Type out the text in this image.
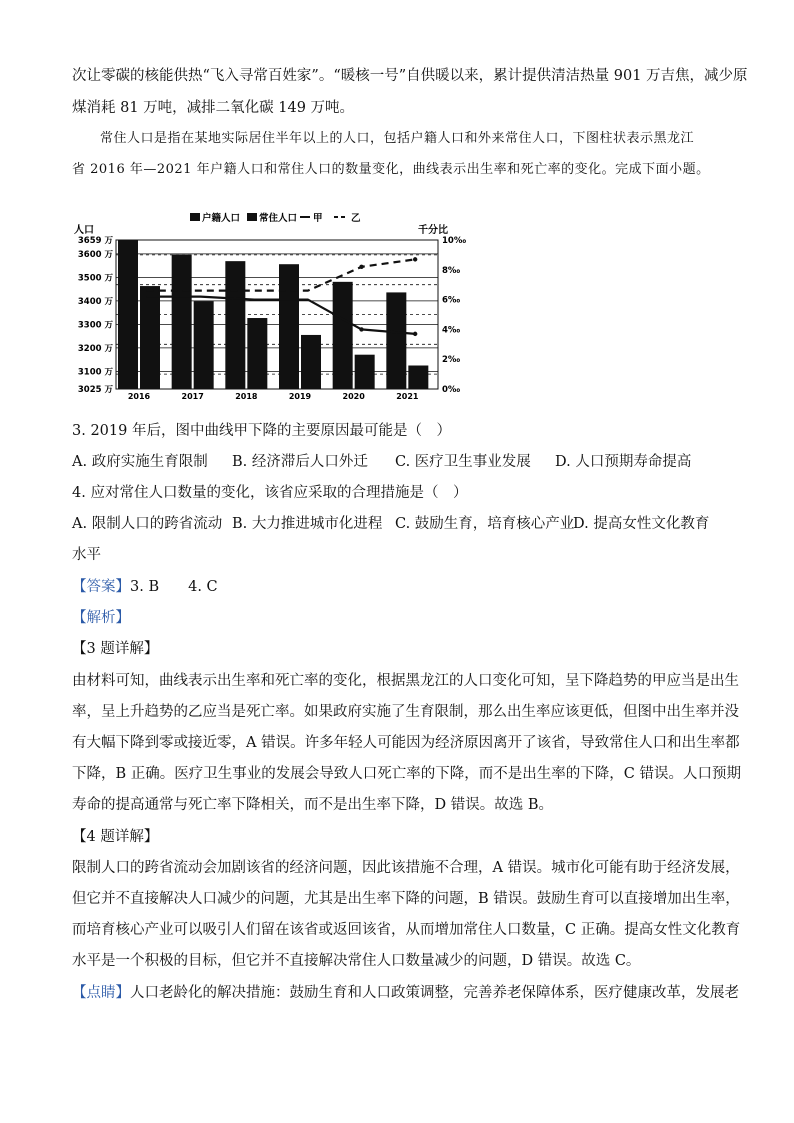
次让零碳的核能供热“飞入寻常百姓家”。“暖核一号”自供暖以来，累计提供清洁热量 901 万吉焦，减少原
煤消耗 81 万吨，减排二氧化碳 149 万吨。
常住人口是指在某地实际居住半年以上的人口，包括户籍人口和外来常住人口，下图柱状表示黑龙江
省 2016 年—2021 年户籍人口和常住人口的数量变化，曲线表示出生率和死亡率的变化。完成下面小题。
户籍人口 常住人口 甲	乙
人口	千分比
2016	2017	2018	2019	2020	2021
3659 万
3600 万
3500 万
3400 万
3300 万
3200 万
3100 万
3025 万
10‰
8‰
6‰
4‰
2‰
0‰
3. 2019 年后，图中曲线甲下降的主要原因最可能是（　）
A. 政府实施生育限制 B. 经济滞后人口外迁 C. 医疗卫生事业发展 D. 人口预期寿命提高
4. 应对常住人口数量的变化，该省应采取的合理措施是（　）
A. 限制人口的跨省流动 B. 大力推进城市化进程 C. 鼓励生育，培育核心产业D. 提高女性文化教育
水平
【答案】3. B　　4. C
【解析】
【3 题详解】
由材料可知，曲线表示出生率和死亡率的变化，根据黑龙江的人口变化可知，呈下降趋势的甲应当是出生
率，呈上升趋势的乙应当是死亡率。如果政府实施了生育限制，那么出生率应该更低，但图中出生率并没
有大幅下降到零或接近零，A 错误。许多年轻人可能因为经济原因离开了该省，导致常住人口和出生率都
下降，B 正确。医疗卫生事业的发展会导致人口死亡率的下降，而不是出生率的下降，C 错误。人口预期
寿命的提高通常与死亡率下降相关，而不是出生率下降，D 错误。故选 B。
【4 题详解】
限制人口的跨省流动会加剧该省的经济问题，因此该措施不合理，A 错误。城市化可能有助于经济发展，
但它并不直接解决人口减少的问题，尤其是出生率下降的问题，B 错误。鼓励生育可以直接增加出生率，
而培育核心产业可以吸引人们留在该省或返回该省，从而增加常住人口数量，C 正确。提高女性文化教育
水平是一个积极的目标，但它并不直接解决常住人口数量减少的问题，D 错误。故选 C。
【点睛】人口老龄化的解决措施：鼓励生育和人口政策调整，完善养老保障体系，医疗健康改革，发展老
